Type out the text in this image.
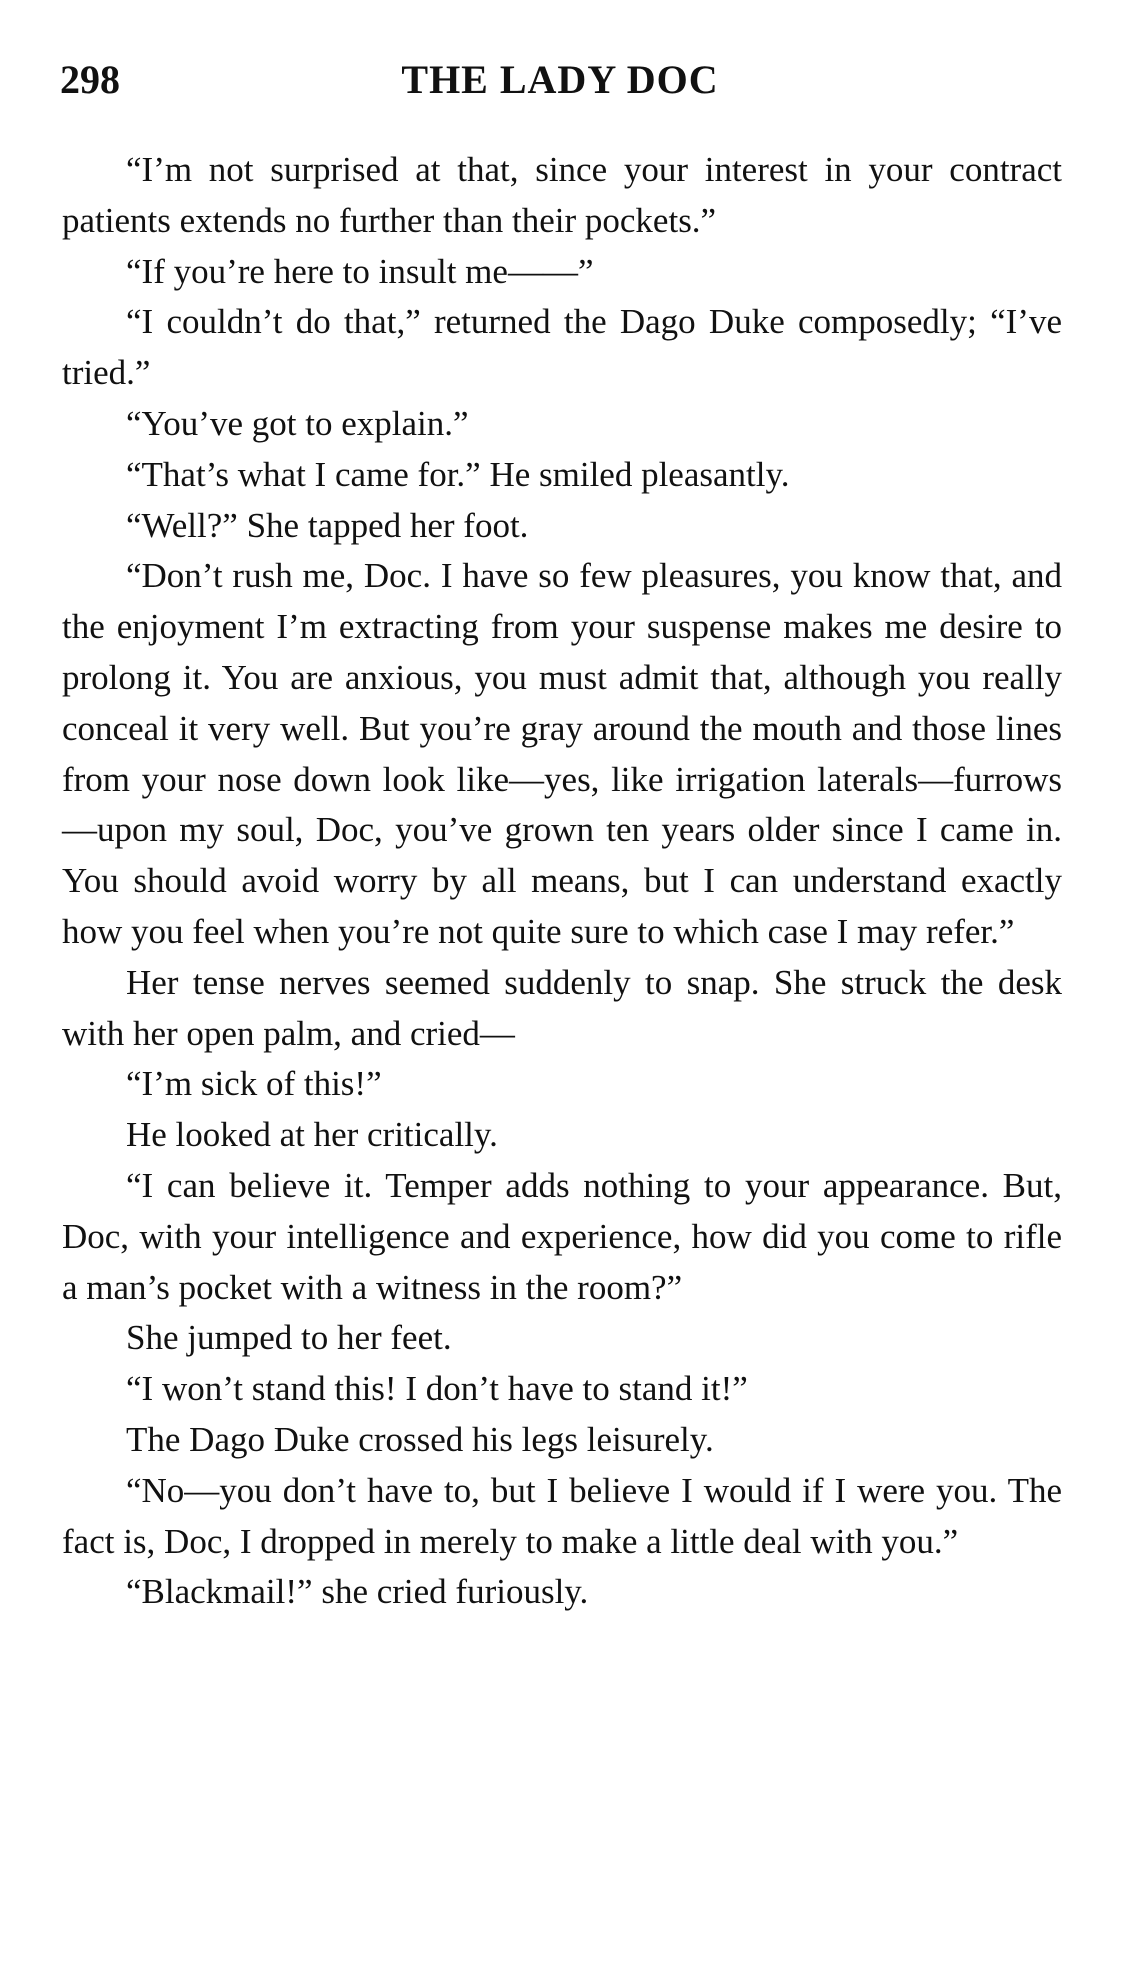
298	THE LADY DOC

“I’m not surprised at that, since your interest in your contract patients extends no further than their pockets.”

“If you’re here to insult me——”

“I couldn’t do that,” returned the Dago Duke composedly; “I’ve tried.”

“You’ve got to explain.”

“That’s what I came for.” He smiled pleasantly.

“Well?” She tapped her foot.

“Don’t rush me, Doc. I have so few pleasures, you know that, and the enjoyment I’m extracting from your suspense makes me desire to prolong it. You are anxious, you must admit that, although you really conceal it very well. But you’re gray around the mouth and those lines from your nose down look like—yes, like irrigation laterals—furrows—upon my soul, Doc, you’ve grown ten years older since I came in. You should avoid worry by all means, but I can understand exactly how you feel when you’re not quite sure to which case I may refer.”

Her tense nerves seemed suddenly to snap. She struck the desk with her open palm, and cried—

“I’m sick of this!”

He looked at her critically.

“I can believe it. Temper adds nothing to your appearance. But, Doc, with your intelligence and experience, how did you come to rifle a man’s pocket with a witness in the room?”

She jumped to her feet.

“I won’t stand this! I don’t have to stand it!”

The Dago Duke crossed his legs leisurely.

“No—you don’t have to, but I believe I would if I were you. The fact is, Doc, I dropped in merely to make a little deal with you.”

“Blackmail!” she cried furiously.
